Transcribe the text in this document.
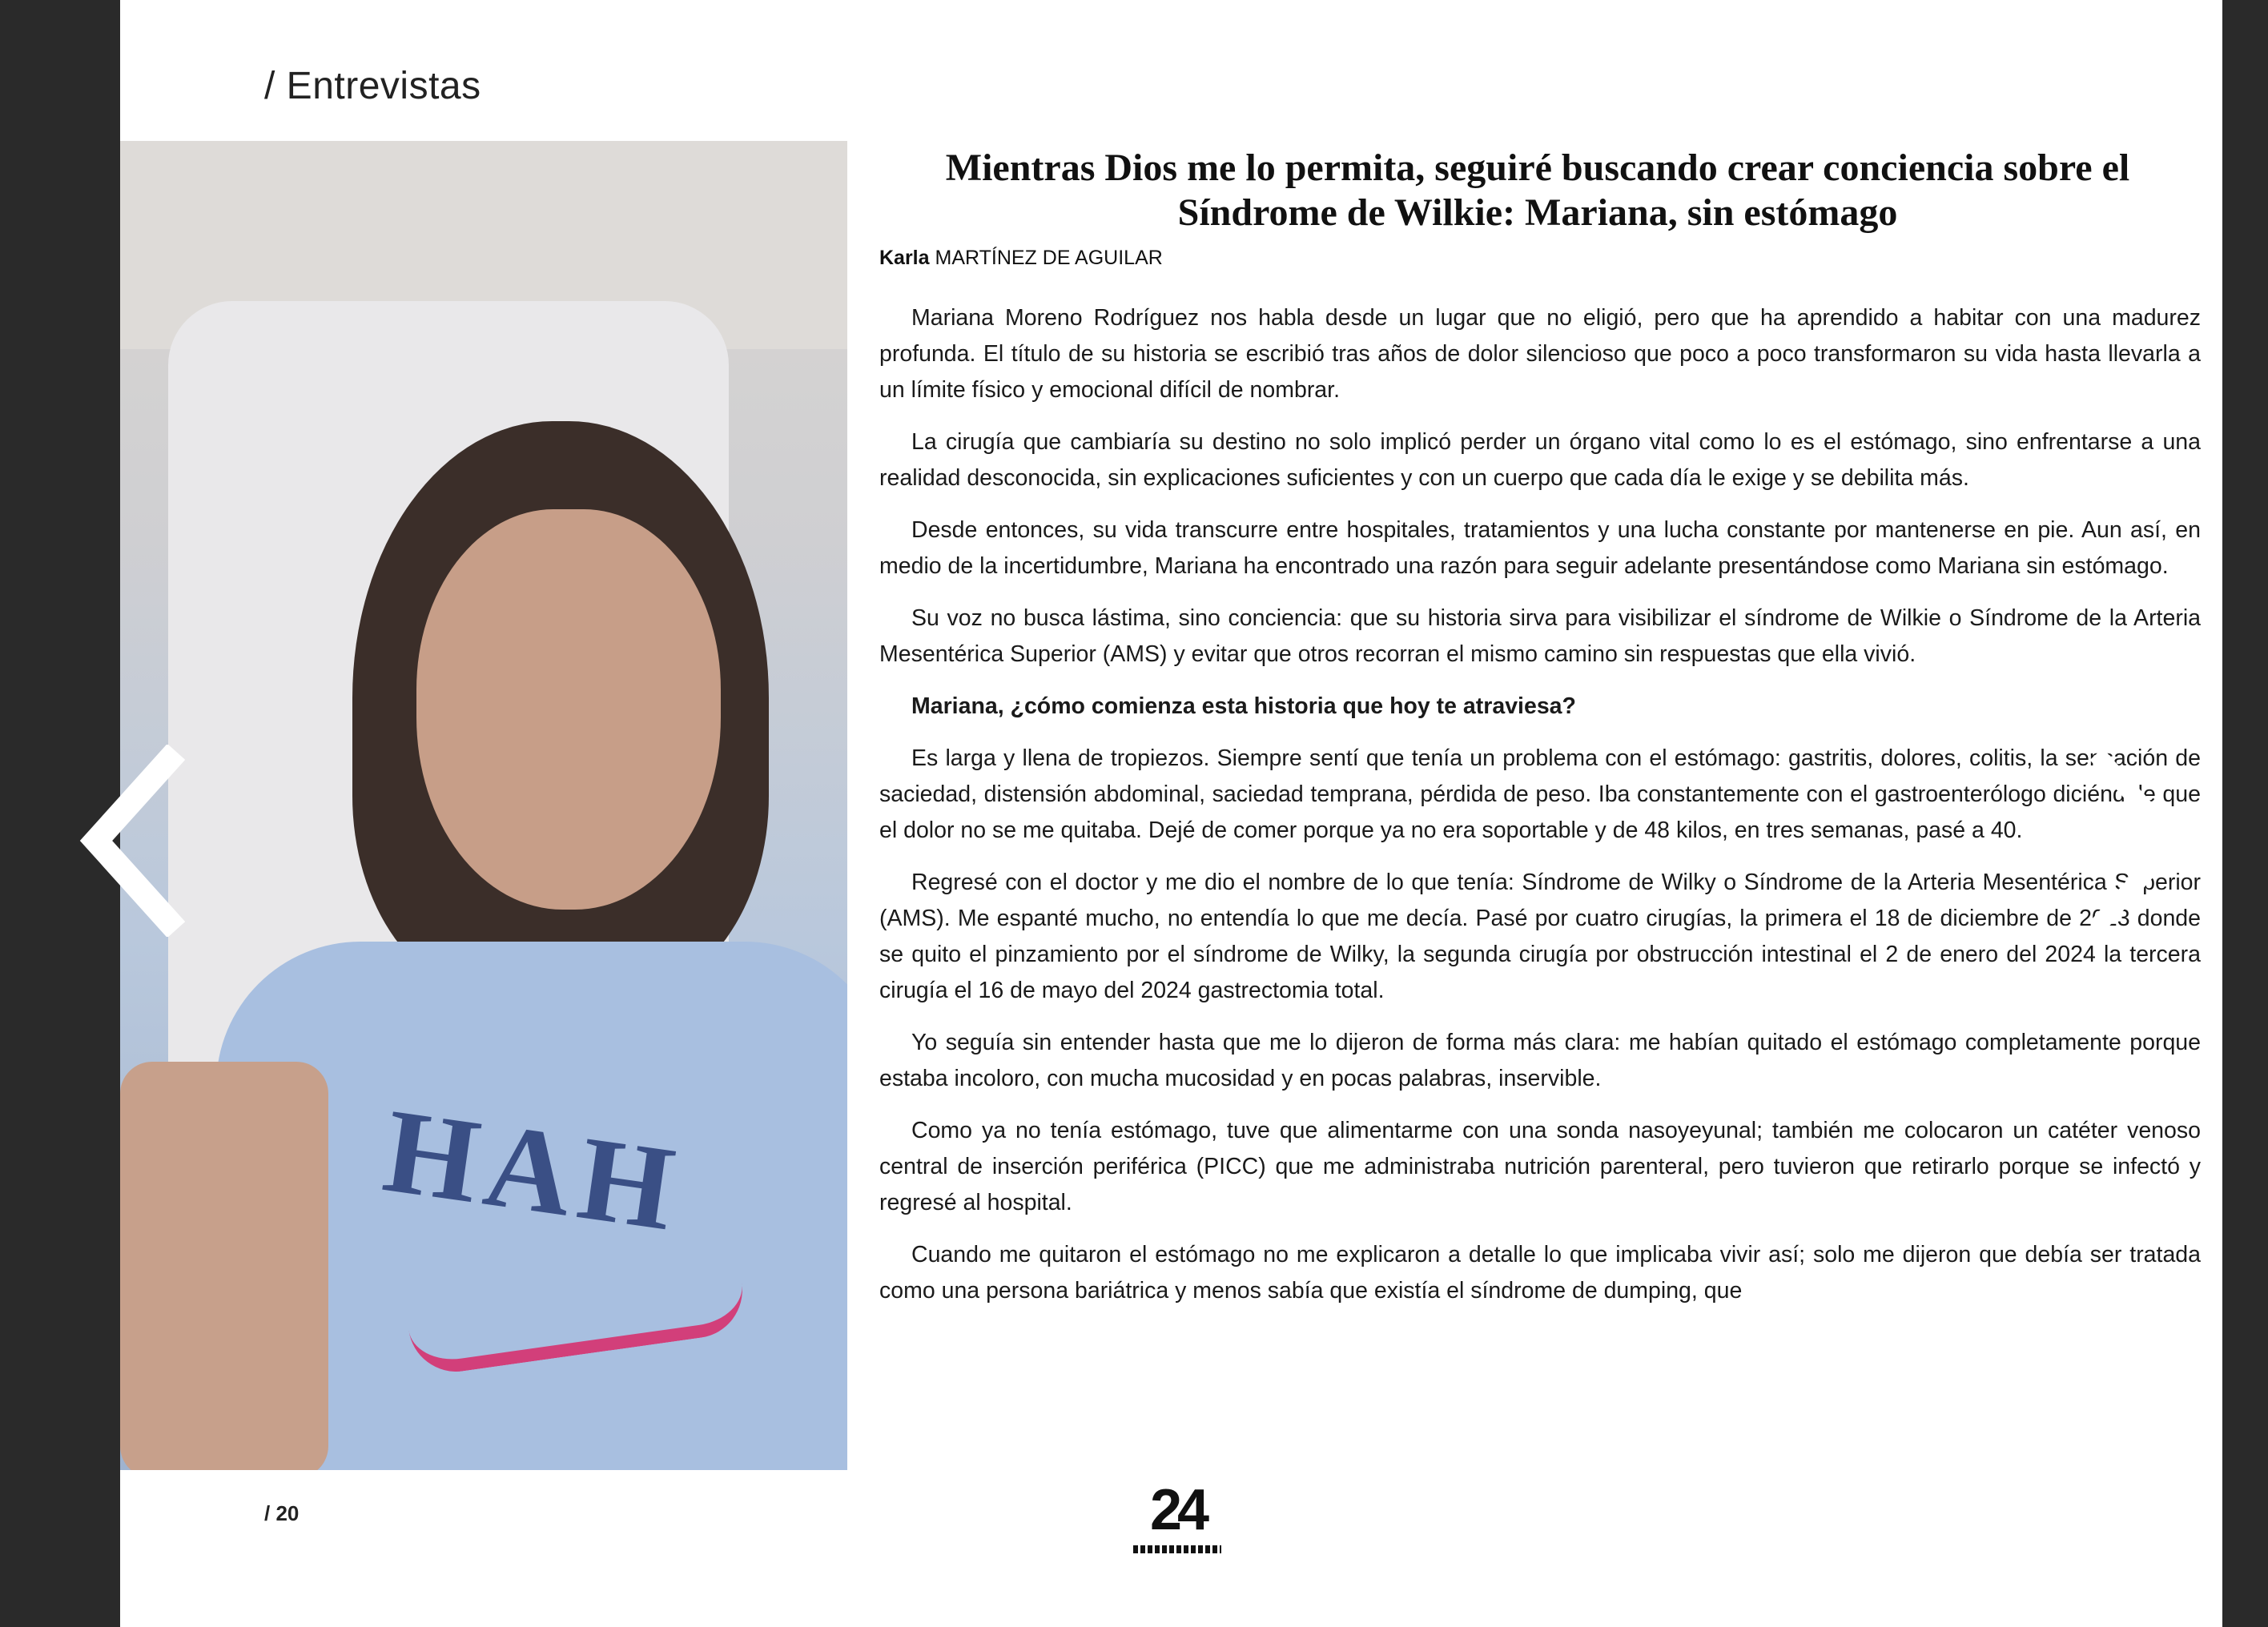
/ Entrevistas
HAH
Mientras Dios me lo permita, seguiré buscando crear conciencia sobre el Síndrome de Wilkie: Mariana, sin estómago
Karla MARTÍNEZ DE AGUILAR

Mariana Moreno Rodríguez nos habla desde un lugar que no eligió, pero que ha aprendido a habitar con una madurez profunda. El título de su historia se escribió tras años de dolor silencioso que poco a poco transformaron su vida hasta llevarla a un límite físico y emocional difícil de nombrar.

La cirugía que cambiaría su destino no solo implicó perder un órgano vital como lo es el estómago, sino enfrentarse a una realidad desconocida, sin explicaciones suficientes y con un cuerpo que cada día le exige y se debilita más.

Desde entonces, su vida transcurre entre hospitales, tratamientos y una lucha constante por mantenerse en pie. Aun así, en medio de la incertidumbre, Mariana ha encontrado una razón para seguir adelante presentándose como Mariana sin estómago.

Su voz no busca lástima, sino conciencia: que su historia sirva para visibilizar el síndrome de Wilkie o Síndrome de la Arteria Mesentérica Superior (AMS) y evitar que otros recorran el mismo camino sin respuestas que ella vivió.

Mariana, ¿cómo comienza esta historia que hoy te atraviesa?

Es larga y llena de tropiezos. Siempre sentí que tenía un problema con el estómago: gastritis, dolores, colitis, la sensación de saciedad, distensión abdominal, saciedad temprana, pérdida de peso. Iba constantemente con el gastroenterólogo diciéndole que el dolor no se me quitaba. Dejé de comer porque ya no era soportable y de 48 kilos, en tres semanas, pasé a 40.

Regresé con el doctor y me dio el nombre de lo que tenía: Síndrome de Wilky o Síndrome de la Arteria Mesentérica Superior (AMS). Me espanté mucho, no entendía lo que me decía. Pasé por cuatro cirugías, la primera el 18 de diciembre de 2023 donde se quito el pinzamiento por el síndrome de Wilky, la segunda cirugía por obstrucción intestinal el 2 de enero del 2024 la tercera cirugía el 16 de mayo del 2024 gastrectomia total.

Yo seguía sin entender hasta que me lo dijeron de forma más clara: me habían quitado el estómago completamente porque estaba incoloro, con mucha mucosidad y en pocas palabras, inservible.

Como ya no tenía estómago, tuve que alimentarme con una sonda nasoyeyunal; también me colocaron un catéter venoso central de inserción periférica (PICC) que me administraba nutrición parenteral, pero tuvieron que retirarlo porque se infectó y regresé al hospital.

Cuando me quitaron el estómago no me explicaron a detalle lo que implicaba vivir así; solo me dijeron que debía ser tratada como una persona bariátrica y menos sabía que existía el síndrome de dumping, que

/ 20	24
